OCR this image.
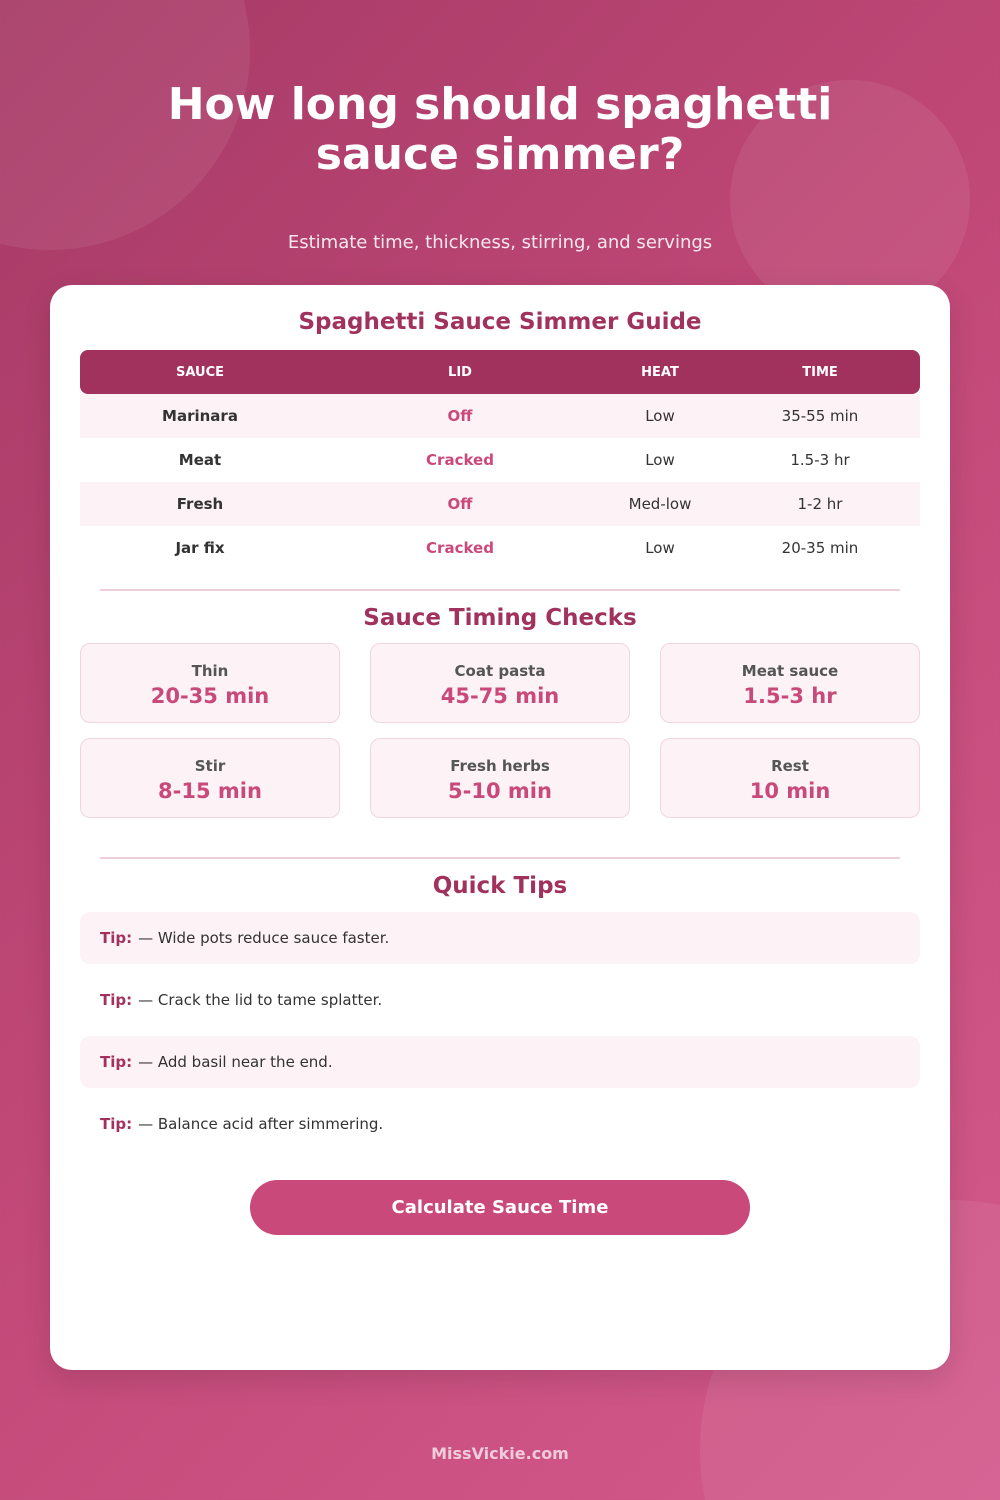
How long should spaghetti sauce simmer?
Estimate time, thickness, stirring, and servings
Spaghetti Sauce Simmer Guide
SAUCE	LID	HEAT	TIME
Marinara	Off	Low	35-55 min
Meat	Cracked	Low	1.5-3 hr
Fresh	Off	Med-low	1-2 hr
Jar fix	Cracked	Low	20-35 min
Sauce Timing Checks
Thin
20-35 min
Coat pasta
45-75 min
Meat sauce
1.5-3 hr
Stir
8-15 min
Fresh herbs
5-10 min
Rest
10 min
Quick Tips
Tip: — Wide pots reduce sauce faster.
Tip: — Crack the lid to tame splatter.
Tip: — Add basil near the end.
Tip: — Balance acid after simmering.
Calculate Sauce Time
MissVickie.com
